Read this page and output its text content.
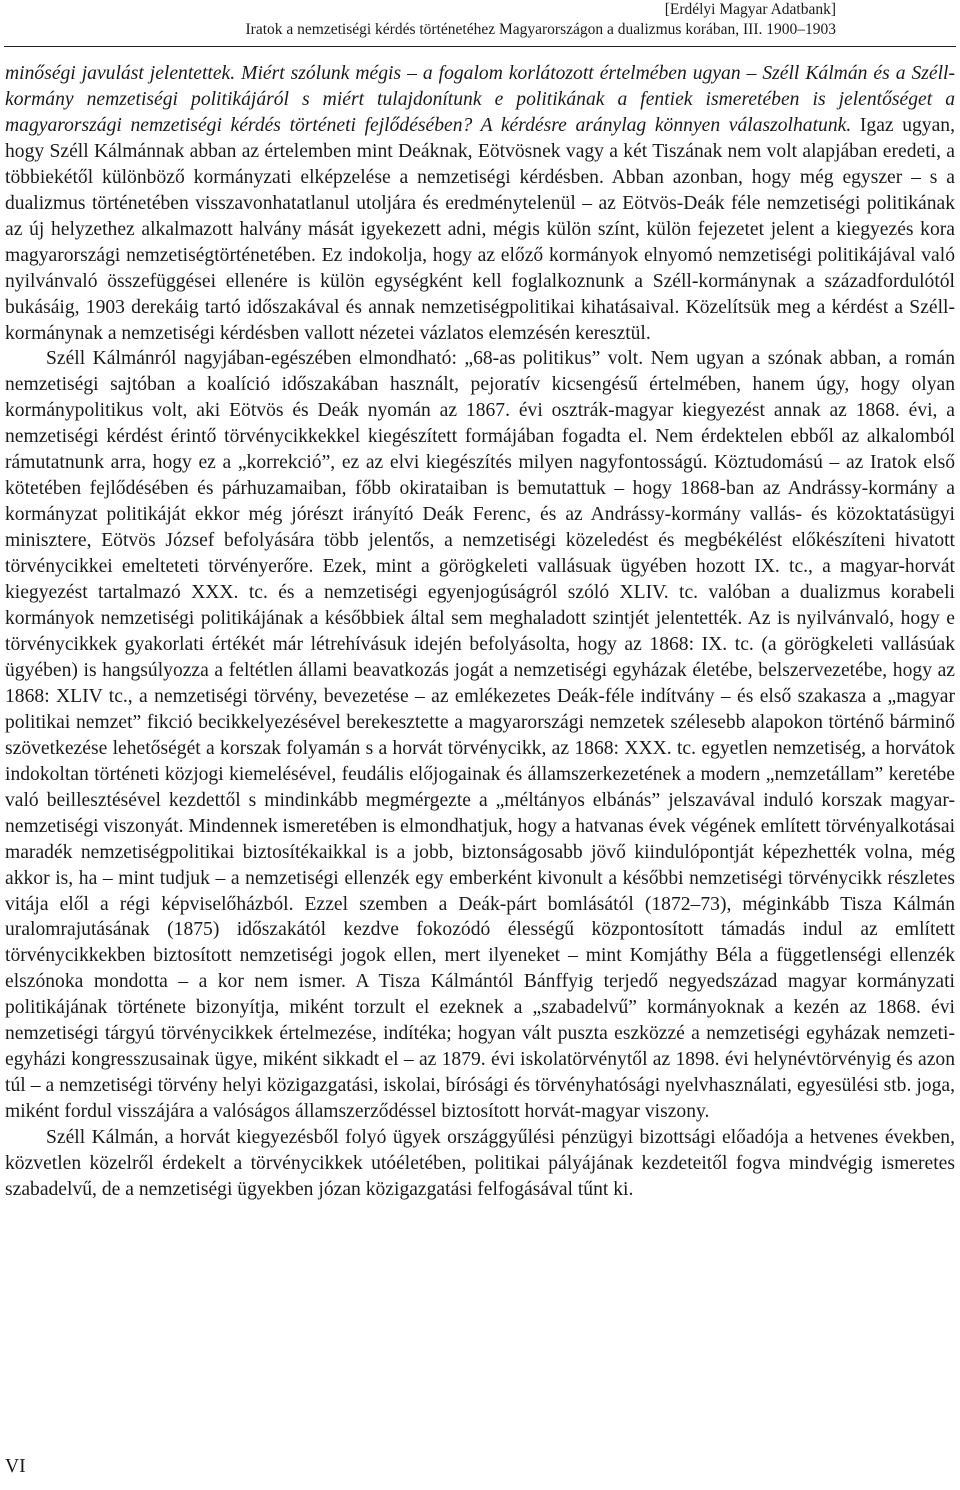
[Erdélyi Magyar Adatbank]
Iratok a nemzetiségi kérdés történetéhez Magyarországon a dualizmus korában, III. 1900–1903

minőségi javulást jelentettek. Miért szólunk mégis – a fogalom korlátozott értelmében ugyan – Széll Kálmán és a Széll-kormány nemzetiségi politikájáról s miért tulajdonítunk e politikának a fentiek ismeretében is jelentőséget a magyarországi nemzetiségi kérdés történeti fejlődésében? A kérdésre aránylag könnyen válaszolhatunk. Igaz ugyan, hogy Széll Kálmánnak abban az értelemben mint Deáknak, Eötvösnek vagy a két Tiszának nem volt alapjában eredeti, a többiekétől különböző kormányzati elképzelése a nemzetiségi kérdésben. Abban azonban, hogy még egyszer – s a dualizmus történetében visszavonhatatlanul utoljára és eredménytelenül – az Eötvös-Deák féle nemzetiségi politikának az új helyzethez alkalmazott halvány mását igyekezett adni, mégis külön színt, külön fejezetet jelent a kiegyezés kora magyarországi nemzetiségtörténetében. Ez indokolja, hogy az előző kormányok elnyomó nemzetiségi politikájával való nyilvánvaló összefüggései ellenére is külön egységként kell foglalkoznunk a Széll-kormánynak a századfordulótól bukásáig, 1903 derekáig tartó időszakával és annak nemzetiségpolitikai kihatásaival. Közelítsük meg a kérdést a Széll-kormánynak a nemzetiségi kérdésben vallott nézetei vázlatos elemzésén keresztül.

Széll Kálmánról nagyjában-egészében elmondható: „68-as politikus” volt. Nem ugyan a szónak abban, a román nemzetiségi sajtóban a koalíció időszakában használt, pejoratív kicsengésű értelmében, hanem úgy, hogy olyan kormánypolitikus volt, aki Eötvös és Deák nyomán az 1867. évi osztrák-magyar kiegyezést annak az 1868. évi, a nemzetiségi kérdést érintő törvénycikkekkel kiegészített formájában fogadta el. Nem érdektelen ebből az alkalomból rámutatnunk arra, hogy ez a „korrekció”, ez az elvi kiegészítés milyen nagyfontosságú. Köztudomású – az Iratok első kötetében fejlődésében és párhuzamaiban, főbb okirataiban is bemutattuk – hogy 1868-ban az Andrássy-kormány a kormányzat politikáját ekkor még jórészt irányító Deák Ferenc, és az Andrássy-kormány vallás- és közoktatásügyi minisztere, Eötvös József befolyására több jelentős, a nemzetiségi közeledést és megbékélést előkészíteni hivatott törvénycikkei emelteteti törvényerőre. Ezek, mint a görögkeleti vallásuak ügyében hozott IX. tc., a magyar-horvát kiegyezést tartalmazó XXX. tc. és a nemzetiségi egyenjogúságról szóló XLIV. tc. valóban a dualizmus korabeli kormányok nemzetiségi politikájának a későbbiek által sem meghaladott szintjét jelentették. Az is nyilvánvaló, hogy e törvénycikkek gyakorlati értékét már létrehívásuk idején befolyásolta, hogy az 1868: IX. tc. (a görögkeleti vallásúak ügyében) is hangsúlyozza a feltétlen állami beavatkozás jogát a nemzetiségi egyházak életébe, belszervezetébe, hogy az 1868: XLIV tc., a nemzetiségi törvény, bevezetése – az emlékezetes Deák-féle indítvány – és első szakasza a „magyar politikai nemzet” fikció becikkelyezésével berekesztette a magyarországi nemzetek szélesebb alapokon történő bárminő szövetkezése lehetőségét a korszak folyamán s a horvát törvénycikk, az 1868: XXX. tc. egyetlen nemzetiség, a horvátok indokoltan történeti közjogi kiemelésével, feudális előjogainak és államszerkezetének a modern „nemzetállam” keretébe való beillesztésével kezdettől s mindinkább megmérgezte a „méltányos elbánás” jelszavával induló korszak magyar-nemzetiségi viszonyát. Mindennek ismeretében is elmondhatjuk, hogy a hatvanas évek végének említett törvényalkotásai maradék nemzetiségpolitikai biztosítékaikkal is a jobb, biztonságosabb jövő kiindulópontját képezhették volna, még akkor is, ha – mint tudjuk – a nemzetiségi ellenzék egy emberként kivonult a későbbi nemzetiségi törvénycikk részletes vitája elől a régi képviselőházból. Ezzel szemben a Deák-párt bomlásától (1872–73), méginkább Tisza Kálmán uralomrajutásának (1875) időszakától kezdve fokozódó élességű központosított támadás indul az említett törvénycikkekben biztosított nemzetiségi jogok ellen, mert ilyeneket – mint Komjáthy Béla a függetlenségi ellenzék elszónoka mondotta – a kor nem ismer. A Tisza Kálmántól Bánffyig terjedő negyedszázad magyar kormányzati politikájának története bizonyítja, miként torzult el ezeknek a „szabadelvű” kormányoknak a kezén az 1868. évi nemzetiségi tárgyú törvénycikkek értelmezése, indítéka; hogyan vált puszta eszközzé a nemzetiségi egyházak nemzeti-egyházi kongresszusainak ügye, miként sikkadt el – az 1879. évi iskolatörvénytől az 1898. évi helynévtörvényig és azon túl – a nemzetiségi törvény helyi közigazgatási, iskolai, bírósági és törvényhatósági nyelvhasználati, egyesülési stb. joga, miként fordul visszájára a valóságos államszerződéssel biztosított horvát-magyar viszony.

Széll Kálmán, a horvát kiegyezésből folyó ügyek országgyűlési pénzügyi bizottsági előadója a hetvenes években, közvetlen közelről érdekelt a törvénycikkek utóéletében, politikai pályájának kezdeteitől fogva mindvégig ismeretes szabadelvű, de a nemzetiségi ügyekben józan közigazgatási felfogásával tűnt ki.

VI
